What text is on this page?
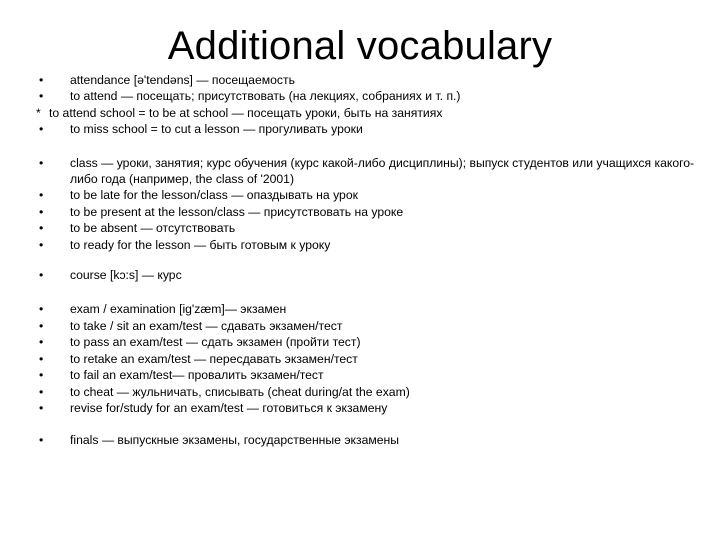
Additional vocabulary
•	attendance [ə'tendəns] — посещаемость
•	to attend — посещать; присутствовать (на лекциях, собраниях и т. п.)
* to attend school = to be at school — посещать уроки, быть на занятиях
•	to miss school = to cut a lesson — прогуливать уроки
•	class — уроки, занятия; курс обучения (курс какой-либо дисциплины); выпуск студентов или учащихся какого-либо года (например, the class of '2001)
•	to be late for the lesson/class — опаздывать на урок
•	to be present at the lesson/class — присутствовать на уроке
•	to be absent — отсутствовать
•	to ready for the lesson — быть готовым к уроку
•	course [kɔ:s] — курс
•	exam / examination [ig'zæm]— экзамен
•	to take / sit an exam/test — сдавать экзамен/тест
•	to pass an exam/test — сдать экзамен (пройти тест)
•	to retake an exam/test — пересдавать экзамен/тест
•	to fail an exam/test— провалить экзамен/тест
•	to cheat — жульничать, списывать (cheat during/at the exam)
•	revise for/study for an exam/test — готовиться к экзамену
•	finals — выпускные экзамены, государственные экзамены
